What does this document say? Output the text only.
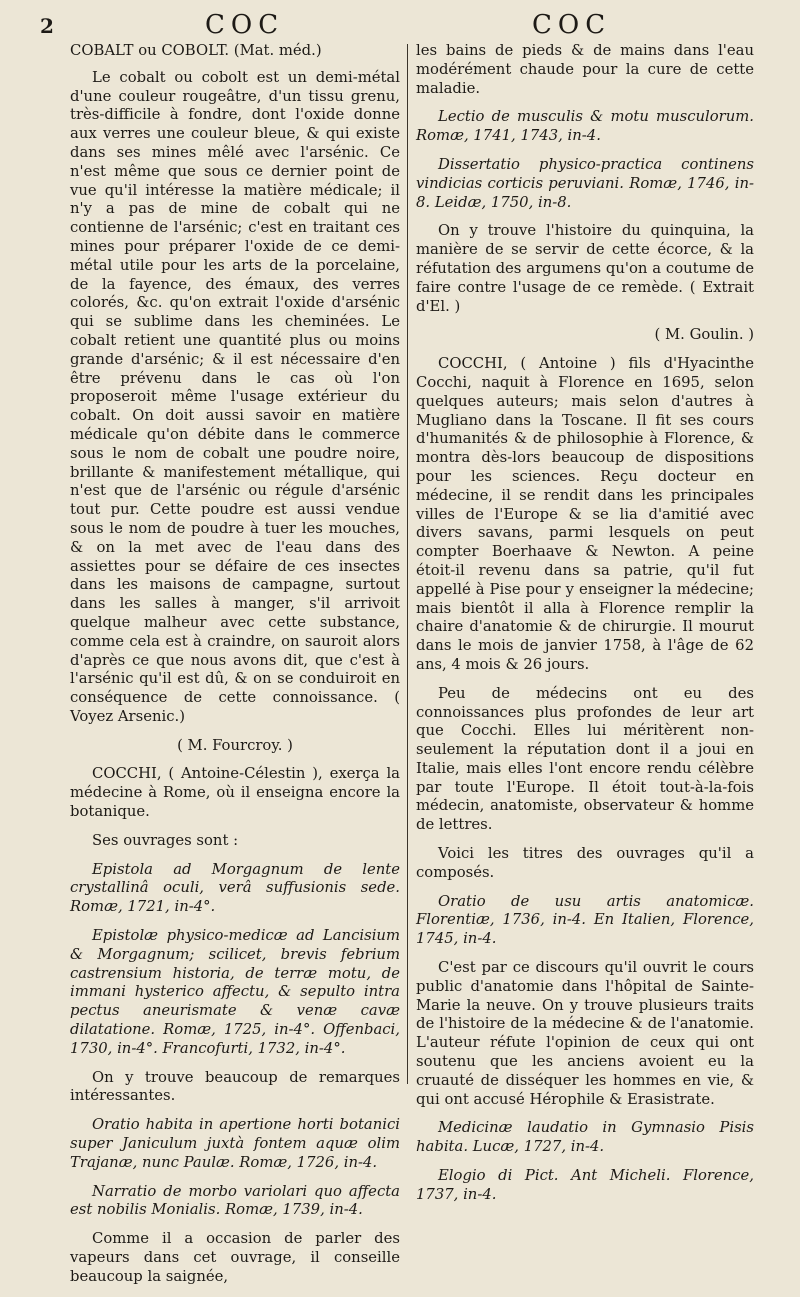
2	COC	COC

COBALT ou COBOLT. (Mat. méd.)

Le cobalt ou cobolt est un demi-métal d'une couleur rougeâtre, d'un tissu grenu, très-difficile à fondre, dont l'oxide donne aux verres une couleur bleue, & qui existe dans ses mines mêlé avec l'arsénic. Ce n'est même que sous ce dernier point de vue qu'il intéresse la matière médicale; il n'y a pas de mine de cobalt qui ne contienne de l'arsénic; c'est en traitant ces mines pour préparer l'oxide de ce demi-métal utile pour les arts de la porcelaine, de la fayence, des émaux, des verres colorés, &c. qu'on extrait l'oxide d'arsénic qui se sublime dans les cheminées. Le cobalt retient une quantité plus ou moins grande d'arsénic; & il est nécessaire d'en être prévenu dans le cas où l'on proposeroit même l'usage extérieur du cobalt. On doit aussi savoir en matière médicale qu'on débite dans le commerce sous le nom de cobalt une poudre noire, brillante & manifestement métallique, qui n'est que de l'arsénic ou régule d'arsénic tout pur. Cette poudre est aussi vendue sous le nom de poudre à tuer les mouches, & on la met avec de l'eau dans des assiettes pour se défaire de ces insectes dans les maisons de campagne, surtout dans les salles à manger, s'il arrivoit quelque malheur avec cette substance, comme cela est à craindre, on sauroit alors d'après ce que nous avons dit, que c'est à l'arsénic qu'il est dû, & on se conduiroit en conséquence de cette connoissance. ( Voyez Arsenic.)

( M. Fourcroy. )

COCCHI, ( Antoine-Célestin ), exerça la médecine à Rome, où il enseigna encore la botanique.

Ses ouvrages sont :

Epistola ad Morgagnum de lente crystallinâ oculi, verâ suffusionis sede. Romæ, 1721, in-4°.

Epistolæ physico-medicæ ad Lancisium & Morgagnum; scilicet, brevis febrium castrensium historia, de terræ motu, de immani hysterico affectu, & sepulto intra pectus aneurismate & venæ cavæ dilatatione. Romæ, 1725, in-4°. Offenbaci, 1730, in-4°. Francofurti, 1732, in-4°.

On y trouve beaucoup de remarques intéressantes.

Oratio habita in apertione horti botanici super Janiculum juxtà fontem aquæ olim Trajanæ, nunc Paulæ. Romæ, 1726, in-4.

Narratio de morbo variolari quo affecta est nobilis Monialis. Romæ, 1739, in-4.

Comme il a occasion de parler des vapeurs dans cet ouvrage, il conseille beaucoup la saignée,

les bains de pieds & de mains dans l'eau modérément chaude pour la cure de cette maladie.

Lectio de musculis & motu musculorum. Romæ, 1741, 1743, in-4.

Dissertatio physico-practica continens vindicias corticis peruviani. Romæ, 1746, in-8. Leidæ, 1750, in-8.

On y trouve l'histoire du quinquina, la manière de se servir de cette écorce, & la réfutation des argumens qu'on a coutume de faire contre l'usage de ce remède. ( Extrait d'El. )

( M. Goulin. )

COCCHI, ( Antoine ) fils d'Hyacinthe Cocchi, naquit à Florence en 1695, selon quelques auteurs; mais selon d'autres à Mugliano dans la Toscane. Il fit ses cours d'humanités & de philosophie à Florence, & montra dès-lors beaucoup de dispositions pour les sciences. Reçu docteur en médecine, il se rendit dans les principales villes de l'Europe & se lia d'amitié avec divers savans, parmi lesquels on peut compter Boerhaave & Newton. A peine étoit-il revenu dans sa patrie, qu'il fut appellé à Pise pour y enseigner la médecine; mais bientôt il alla à Florence remplir la chaire d'anatomie & de chirurgie. Il mourut dans le mois de janvier 1758, à l'âge de 62 ans, 4 mois & 26 jours.

Peu de médecins ont eu des connoissances plus profondes de leur art que Cocchi. Elles lui méritèrent non-seulement la réputation dont il a joui en Italie, mais elles l'ont encore rendu célèbre par toute l'Europe. Il étoit tout-à-la-fois médecin, anatomiste, observateur & homme de lettres.

Voici les titres des ouvrages qu'il a composés.

Oratio de usu artis anatomicæ. Florentiæ, 1736, in-4. En Italien, Florence, 1745, in-4.

C'est par ce discours qu'il ouvrit le cours public d'anatomie dans l'hôpital de Sainte-Marie la neuve. On y trouve plusieurs traits de l'histoire de la médecine & de l'anatomie. L'auteur réfute l'opinion de ceux qui ont soutenu que les anciens avoient eu la cruauté de disséquer les hommes en vie, & qui ont accusé Hérophile & Erasistrate.

Medicinæ laudatio in Gymnasio Pisis habita. Lucæ, 1727, in-4.

Elogio di Pict. Ant Micheli. Florence, 1737, in-4.
